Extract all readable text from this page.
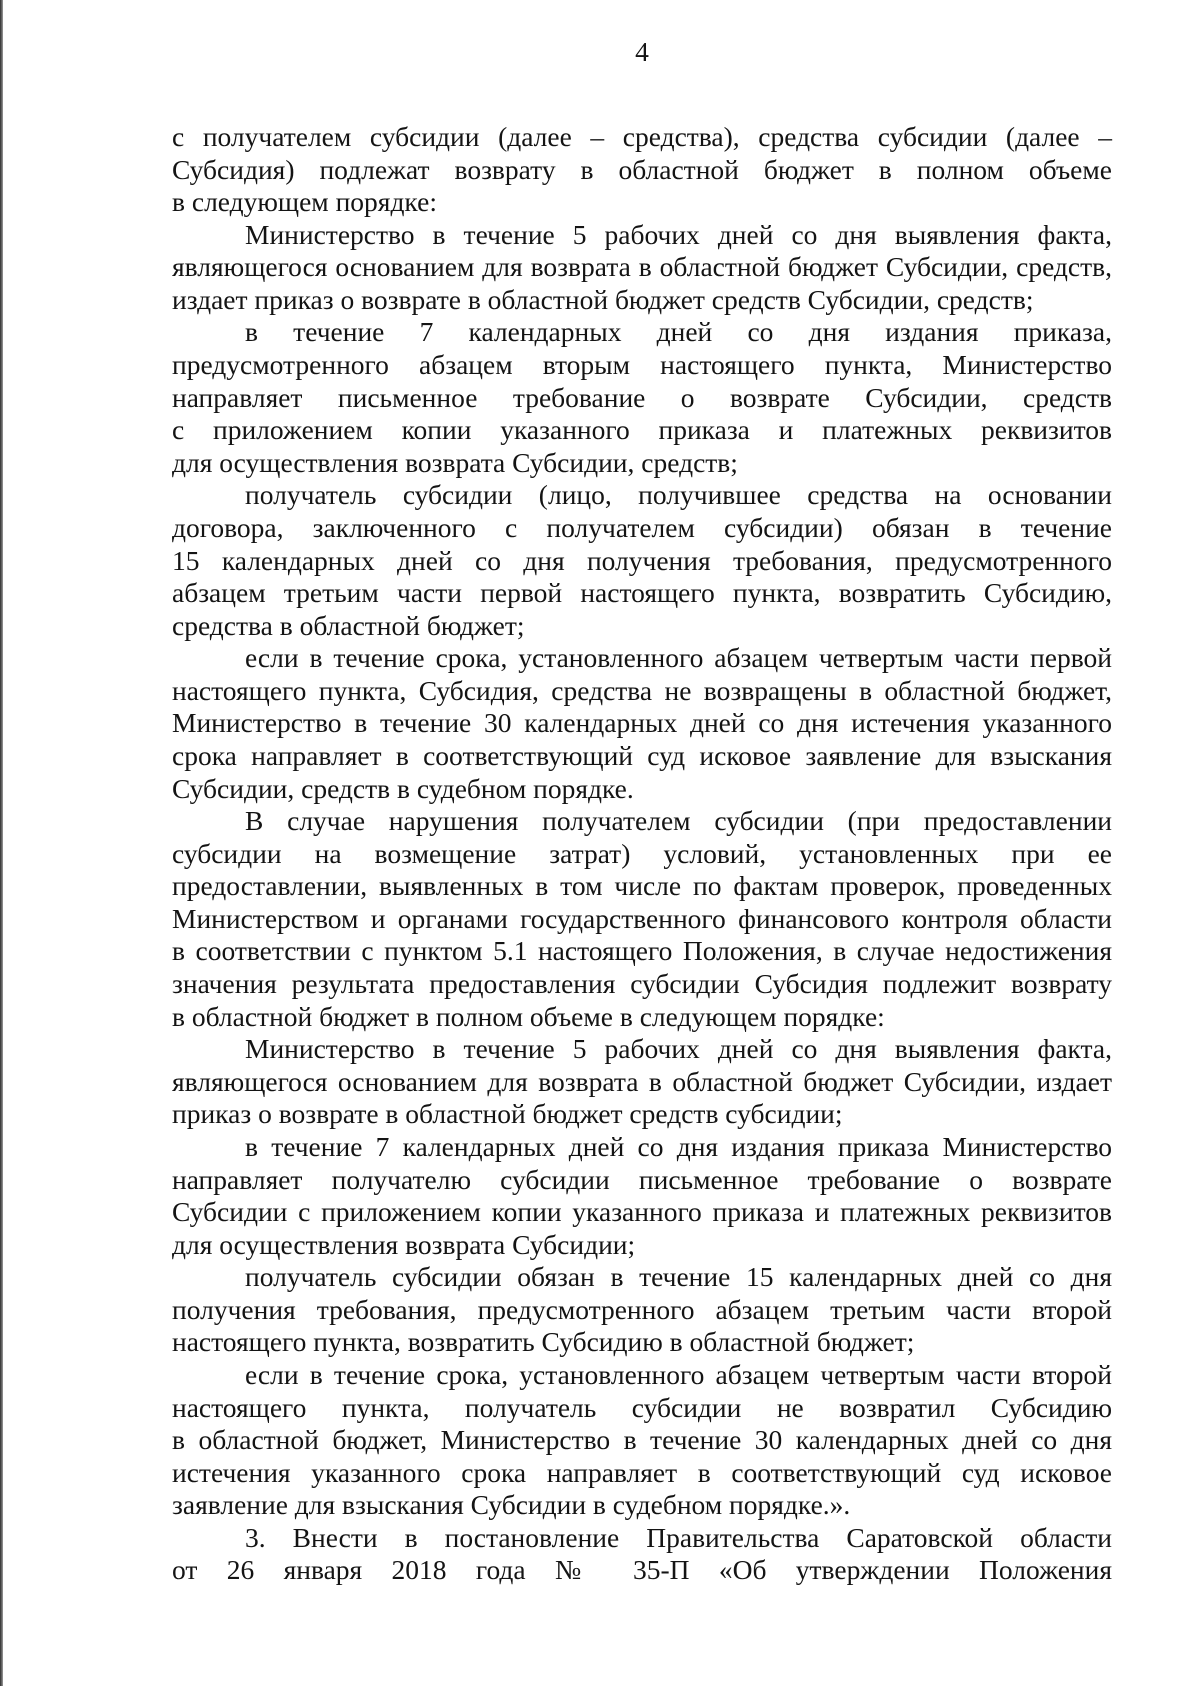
4
с получателем субсидии (далее – средства), средства субсидии (далее –
Субсидия) подлежат возврату в областной бюджет в полном объеме
в следующем порядке:
Министерство в течение 5 рабочих дней со дня выявления факта,
являющегося основанием для возврата в областной бюджет Субсидии, средств,
издает приказ о возврате в областной бюджет средств Субсидии, средств;
в течение 7 календарных дней со дня издания приказа,
предусмотренного абзацем вторым настоящего пункта, Министерство
направляет письменное требование о возврате Субсидии, средств
с приложением копии указанного приказа и платежных реквизитов
для осуществления возврата Субсидии, средств;
получатель субсидии (лицо, получившее средства на основании
договора, заключенного с получателем субсидии) обязан в течение
15 календарных дней со дня получения требования, предусмотренного
абзацем третьим части первой настоящего пункта, возвратить Субсидию,
средства в областной бюджет;
если в течение срока, установленного абзацем четвертым части первой
настоящего пункта, Субсидия, средства не возвращены в областной бюджет,
Министерство в течение 30 календарных дней со дня истечения указанного
срока направляет в соответствующий суд исковое заявление для взыскания
Субсидии, средств в судебном порядке.
В случае нарушения получателем субсидии (при предоставлении
субсидии на возмещение затрат) условий, установленных при ее
предоставлении, выявленных в том числе по фактам проверок, проведенных
Министерством и органами государственного финансового контроля области
в соответствии с пунктом 5.1 настоящего Положения, в случае недостижения
значения результата предоставления субсидии Субсидия подлежит возврату
в областной бюджет в полном объеме в следующем порядке:
Министерство в течение 5 рабочих дней со дня выявления факта,
являющегося основанием для возврата в областной бюджет Субсидии, издает
приказ о возврате в областной бюджет средств субсидии;
в течение 7 календарных дней со дня издания приказа Министерство
направляет получателю субсидии письменное требование о возврате
Субсидии с приложением копии указанного приказа и платежных реквизитов
для осуществления возврата Субсидии;
получатель субсидии обязан в течение 15 календарных дней со дня
получения требования, предусмотренного абзацем третьим части второй
настоящего пункта, возвратить Субсидию в областной бюджет;
если в течение срока, установленного абзацем четвертым части второй
настоящего пункта, получатель субсидии не возвратил Субсидию
в областной бюджет, Министерство в течение 30 календарных дней со дня
истечения указанного срока направляет в соответствующий суд исковое
заявление для взыскания Субсидии в судебном порядке.».
3. Внести в постановление Правительства Саратовской области
от 26 января 2018 года № 35-П «Об утверждении Положения
